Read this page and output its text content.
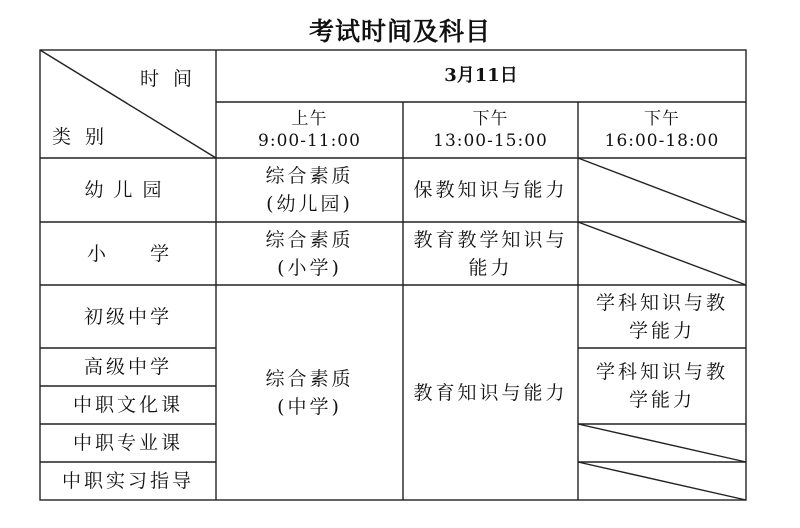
考试时间及科目
时间
类别
3月11日
上午
9:00-11:00
下午
13:00-15:00
下午
16:00-18:00
幼儿园
小学
初级中学
高级中学
中职文化课
中职专业课
中职实习指导
综合素质
(幼儿园)
保教知识与能力
综合素质
(小学)
教育教学知识与
能力
综合素质
(中学)
教育知识与能力
学科知识与教
学能力
学科知识与教
学能力
